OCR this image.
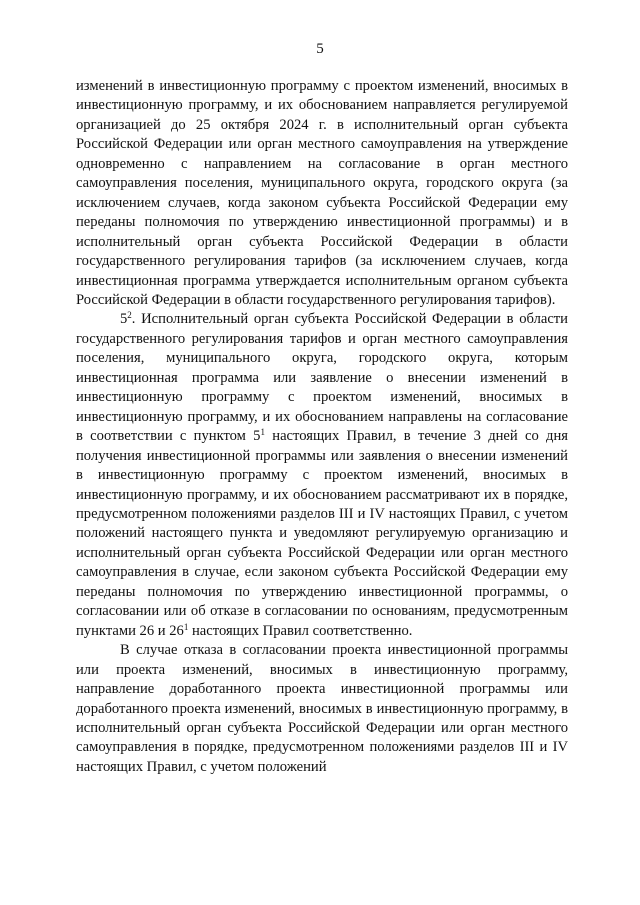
5

изменений в инвестиционную программу с проектом изменений, вносимых в инвестиционную программу, и их обоснованием направляется регулируемой организацией до 25 октября 2024 г. в исполнительный орган субъекта Российской Федерации или орган местного самоуправления на утверждение одновременно с направлением на согласование в орган местного самоуправления поселения, муниципального округа, городского округа (за исключением случаев, когда законом субъекта Российской Федерации ему переданы полномочия по утверждению инвестиционной программы) и в исполнительный орган субъекта Российской Федерации в области государственного регулирования тарифов (за исключением случаев, когда инвестиционная программа утверждается исполнительным органом субъекта Российской Федерации в области государственного регулирования тарифов).

$5^2$. Исполнительный орган субъекта Российской Федерации в области государственного регулирования тарифов и орган местного самоуправления поселения, муниципального округа, городского округа, которым инвестиционная программа или заявление о внесении изменений в инвестиционную программу с проектом изменений, вносимых в инвестиционную программу, и их обоснованием направлены на согласование в соответствии с пунктом $5^1$ настоящих Правил, в течение 3 дней со дня получения инвестиционной программы или заявления о внесении изменений в инвестиционную программу с проектом изменений, вносимых в инвестиционную программу, и их обоснованием рассматривают их в порядке, предусмотренном положениями разделов III и IV настоящих Правил, с учетом положений настоящего пункта и уведомляют регулируемую организацию и исполнительный орган субъекта Российской Федерации или орган местного самоуправления в случае, если законом субъекта Российской Федерации ему переданы полномочия по утверждению инвестиционной программы, о согласовании или об отказе в согласовании по основаниям, предусмотренным пунктами 26 и $26^1$ настоящих Правил соответственно.

В случае отказа в согласовании проекта инвестиционной программы или проекта изменений, вносимых в инвестиционную программу, направление доработанного проекта инвестиционной программы или доработанного проекта изменений, вносимых в инвестиционную программу, в исполнительный орган субъекта Российской Федерации или орган местного самоуправления в порядке, предусмотренном положениями разделов III и IV настоящих Правил, с учетом положений
